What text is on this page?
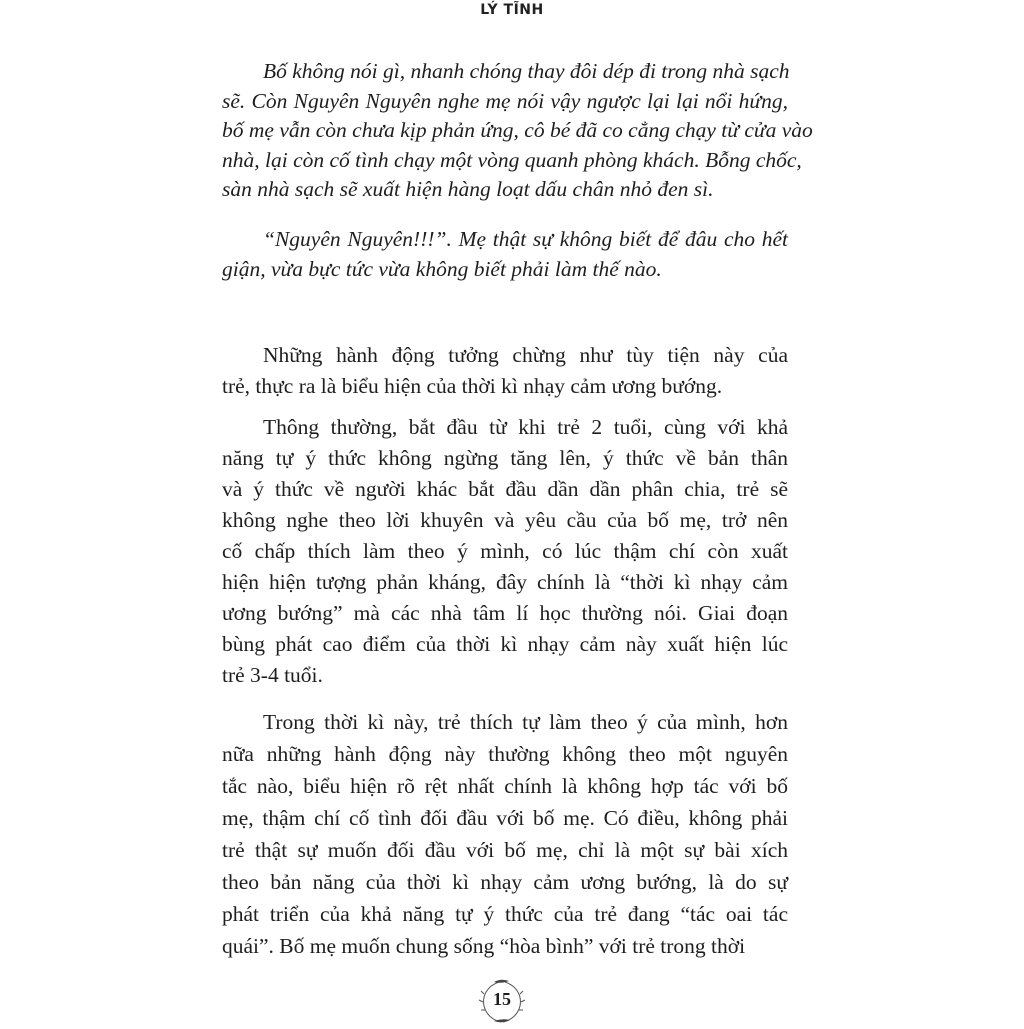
LÝ TĨNH
Bố không nói gì, nhanh chóng thay đôi dép đi trong nhà sạch
sẽ. Còn Nguyên Nguyên nghe mẹ nói vậy ngược lại lại nổi hứng,
bố mẹ vẫn còn chưa kịp phản ứng, cô bé đã co cẳng chạy từ cửa vào
nhà, lại còn cố tình chạy một vòng quanh phòng khách. Bỗng chốc,
sàn nhà sạch sẽ xuất hiện hàng loạt dấu chân nhỏ đen sì.
“Nguyên Nguyên!!!”. Mẹ thật sự không biết để đâu cho hết
giận, vừa bực tức vừa không biết phải làm thế nào.
Những hành động tưởng chừng như tùy tiện này của
trẻ, thực ra là biểu hiện của thời kì nhạy cảm ương bướng.
Thông thường, bắt đầu từ khi trẻ 2 tuổi, cùng với khả
năng tự ý thức không ngừng tăng lên, ý thức về bản thân
và ý thức về người khác bắt đầu dần dần phân chia, trẻ sẽ
không nghe theo lời khuyên và yêu cầu của bố mẹ, trở nên
cố chấp thích làm theo ý mình, có lúc thậm chí còn xuất
hiện hiện tượng phản kháng, đây chính là “thời kì nhạy cảm
ương bướng” mà các nhà tâm lí học thường nói. Giai đoạn
bùng phát cao điểm của thời kì nhạy cảm này xuất hiện lúc
trẻ 3-4 tuổi.
Trong thời kì này, trẻ thích tự làm theo ý của mình, hơn
nữa những hành động này thường không theo một nguyên
tắc nào, biểu hiện rõ rệt nhất chính là không hợp tác với bố
mẹ, thậm chí cố tình đối đầu với bố mẹ. Có điều, không phải
trẻ thật sự muốn đối đầu với bố mẹ, chỉ là một sự bài xích
theo bản năng của thời kì nhạy cảm ương bướng, là do sự
phát triển của khả năng tự ý thức của trẻ đang “tác oai tác
quái”. Bố mẹ muốn chung sống “hòa bình” với trẻ trong thời
15
